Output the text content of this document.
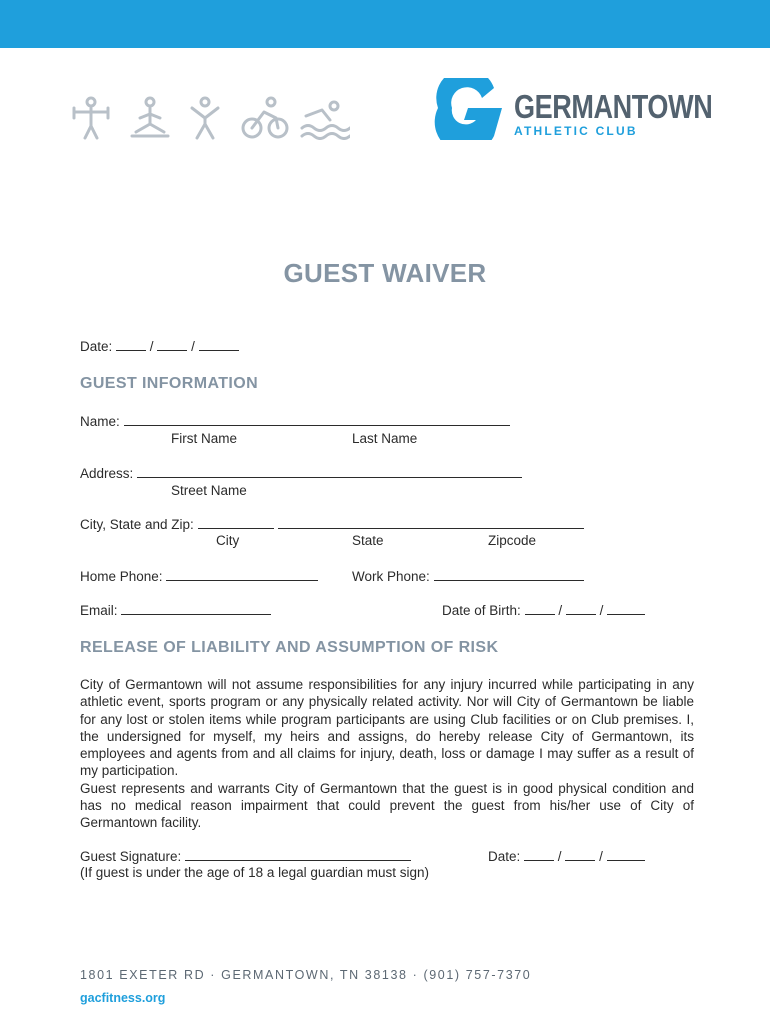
GERMANTOWN
ATHLETIC CLUB
GUEST WAIVER
Date:	/  /
GUEST INFORMATION
Name:
First Name	Last Name
Address:
Street Name
City, State and Zip:
City	State	Zipcode
Home Phone:	Work Phone:
Email:	Date of Birth:	/  /
RELEASE OF LIABILITY AND ASSUMPTION OF RISK

City of Germantown will not assume responsibilities for any injury incurred while participating in any athletic event, sports program or any physically related activity. Nor will City of Germantown be liable for any lost or stolen items while program participants are using Club facilities or on Club premises. I, the undersigned for myself, my heirs and assigns, do hereby release City of Germantown, its employees and agents from and all claims for injury, death, loss or damage I may suffer as a result of my participation.

Guest represents and warrants City of Germantown that the guest is in good physical condition and has no medical reason impairment that could prevent the guest from his/her use of City of Germantown facility.

Guest Signature:
(If guest is under the age of 18 a legal guardian must sign)
Date:	/  /
1801 EXETER RD · GERMANTOWN, TN 38138 · (901) 757-7370
gacfitness.org
